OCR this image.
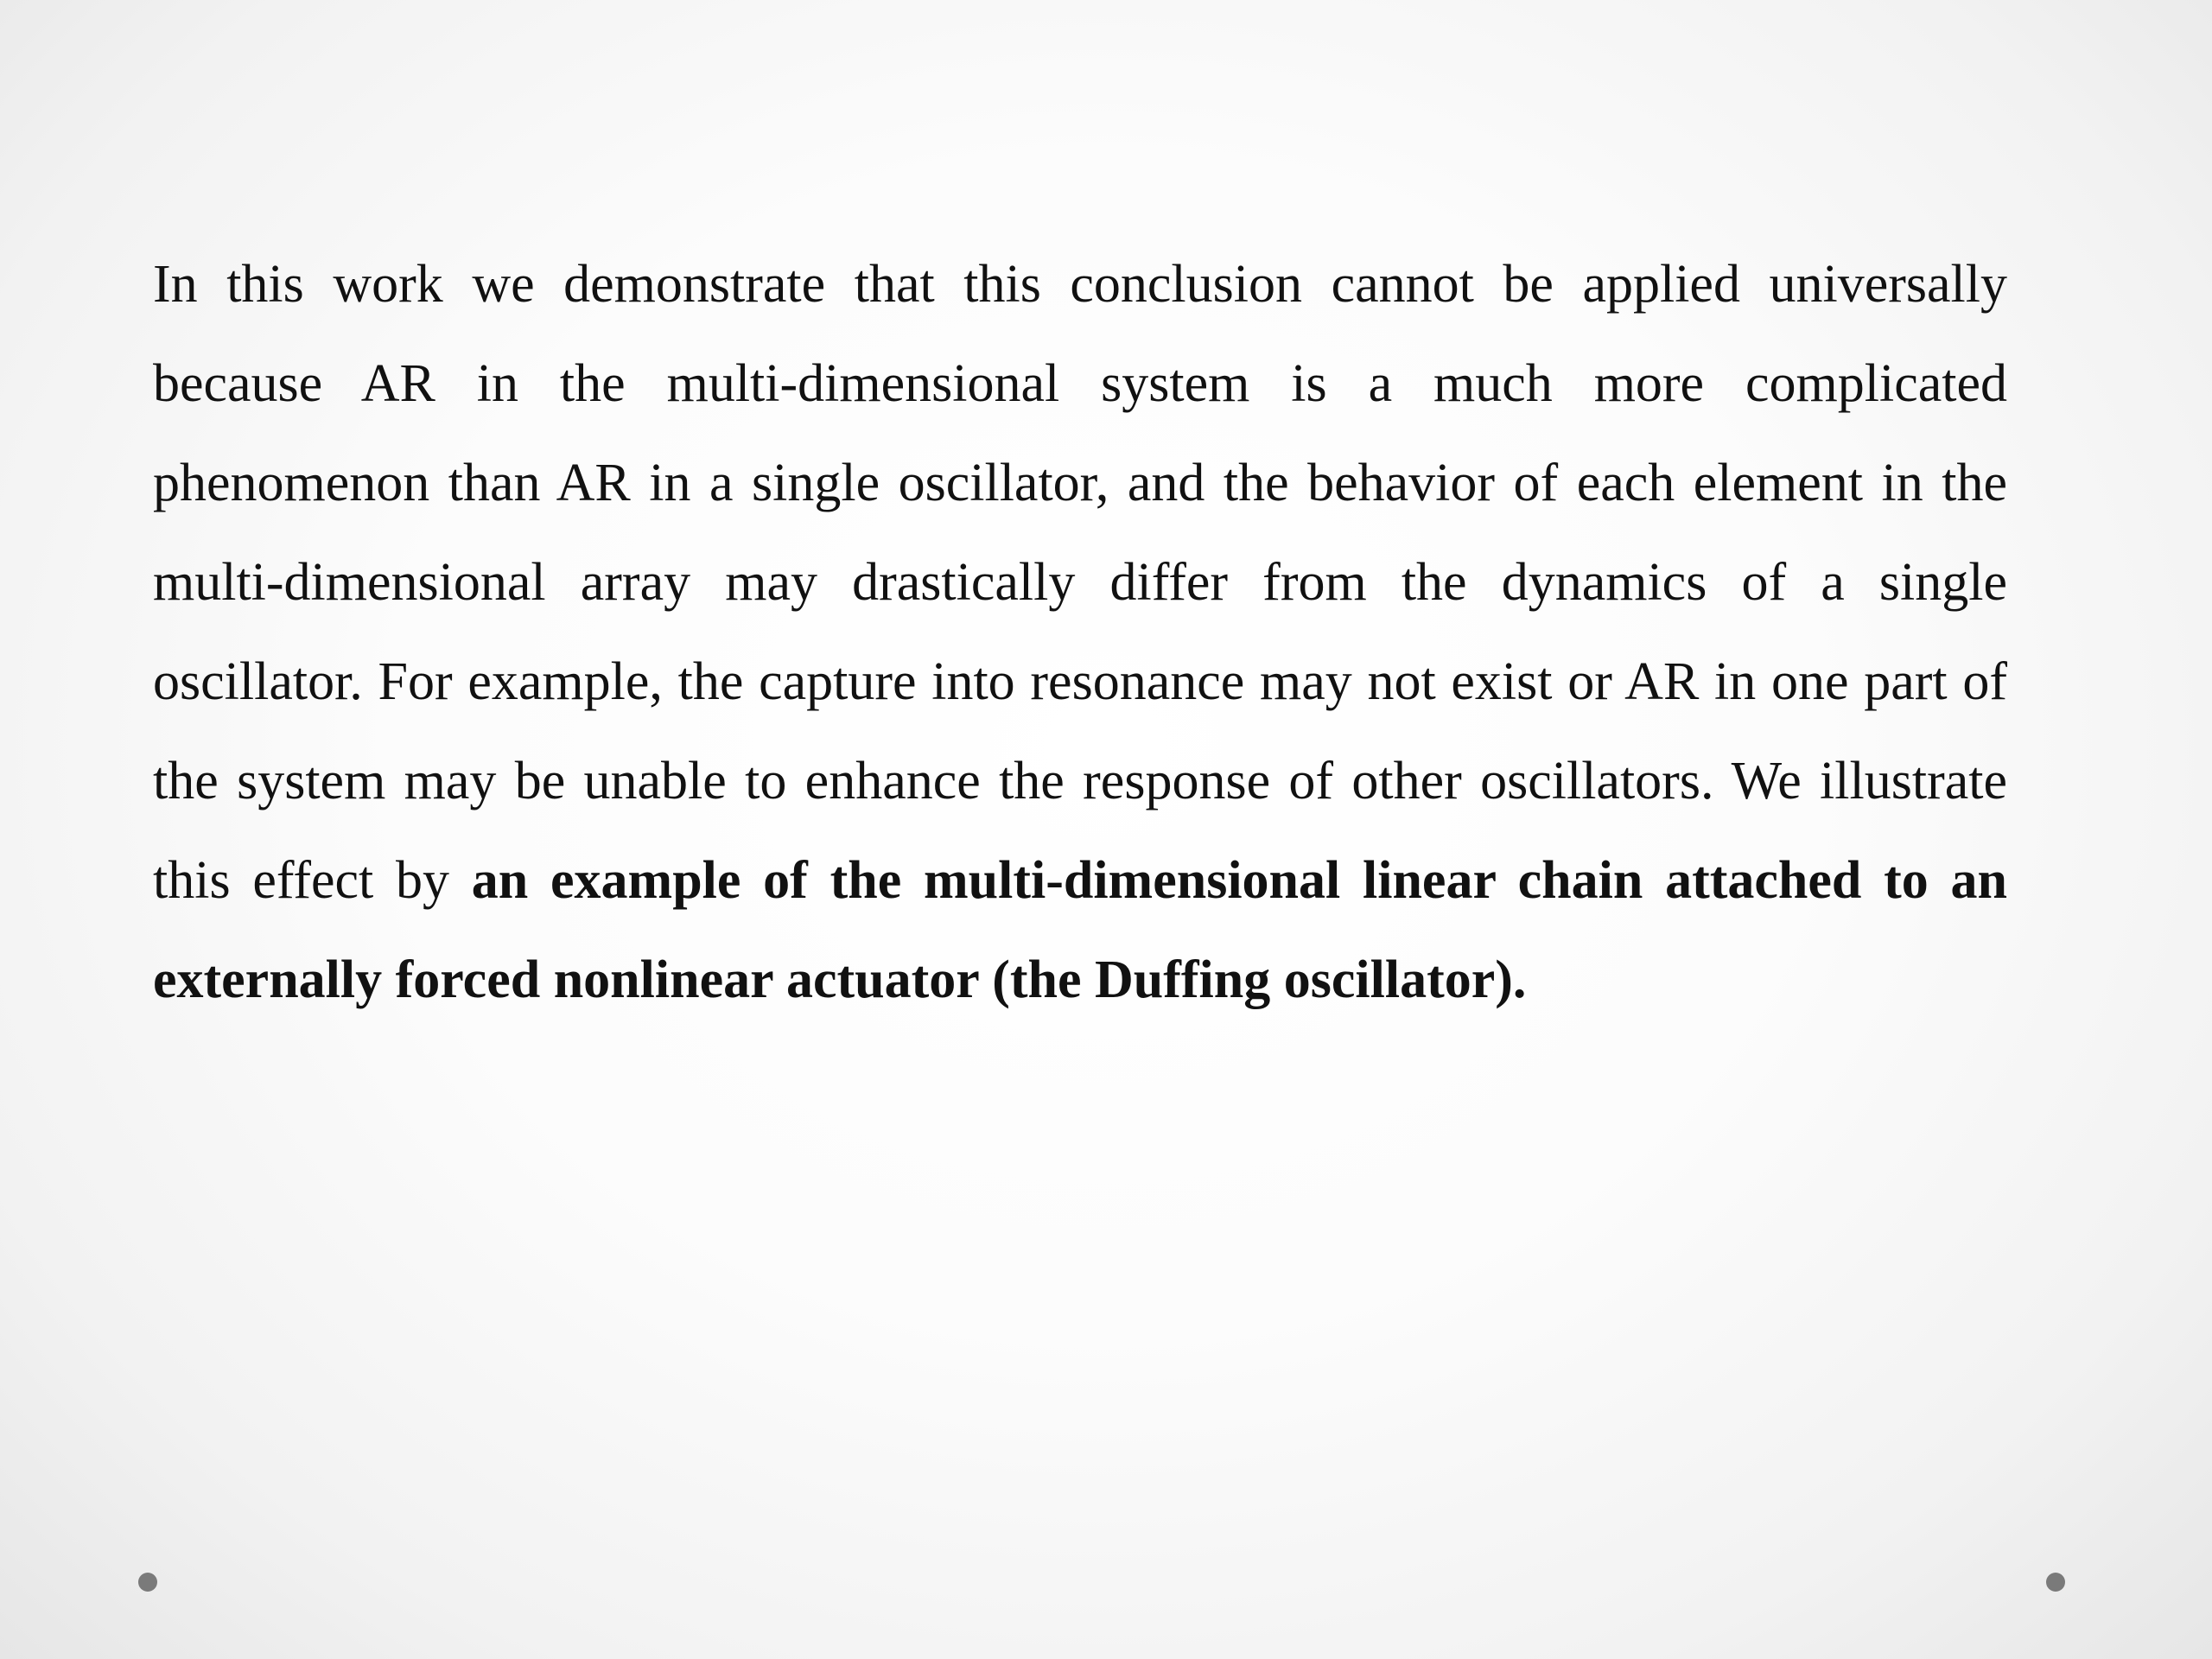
In this work we demonstrate that this conclusion cannot be applied universally because AR in the multi-dimensional system is a much more complicated phenomenon than AR in a single oscillator, and the behavior of each element in the multi-dimensional array may drastically differ from the dynamics of a single oscillator. For example, the capture into resonance may not exist or AR in one part of the system may be unable to enhance the response of other oscillators. We illustrate this effect by an example of the multi-dimensional linear chain attached to an externally forced nonlinear actuator (the Duffing oscillator).
